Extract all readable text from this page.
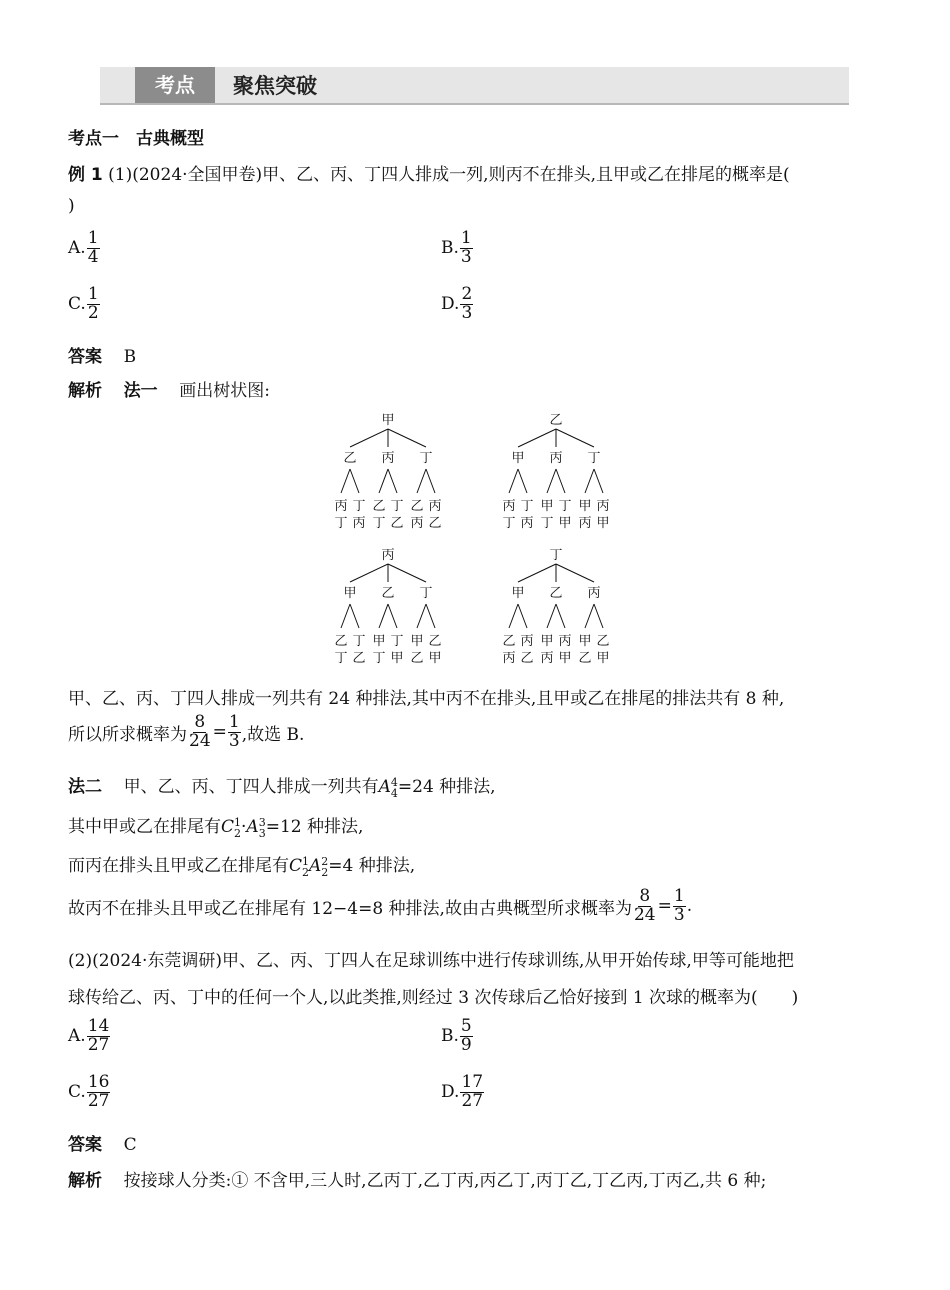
考点	聚焦突破
考点一　古典概型
例 1 (1)(2024·全国甲卷)甲、乙、丙、丁四人排成一列,则丙不在排头,且甲或乙在排尾的概率是(
)
A. $\frac{1}{4}$	B. $\frac{1}{3}$
C. $\frac{1}{2}$	D. $\frac{2}{3}$
答案 B
解析 法一 画出树状图:
甲
乙
丙
丁
丁
丙
丙
乙
丁
丁
乙
丁
乙
丙
丙
乙
乙
甲
丙
丁
丁
丙
丙
甲
丁
丁
甲
丁
甲
丙
丙
甲
丙
甲
乙
丁
丁
乙
乙
甲
丁
丁
甲
丁
甲
乙
乙
甲
丁
甲
乙
丙
丙
乙
乙
甲
丙
丙
甲
丙
甲
乙
乙
甲
甲、乙、丙、丁四人排成一列共有 24 种排法,其中丙不在排头,且甲或乙在排尾的排法共有 8 种,
所以所求概率为 $\frac{8}{24} = \frac{1}{3}$ ,故选 B.
法二 甲、乙、丙、丁四人排成一列共有A 4
4 =24 种排法,
其中甲或乙在排尾有C 1
2 ·A 3
3 =12 种排法,
而丙在排头且甲或乙在排尾有C 1
2 A 2
2 =4 种排法,
故丙不在排头且甲或乙在排尾有 12−4=8 种排法,故由古典概型所求概率为 $\frac{8}{24} = \frac{1}{3}$ .
(2)(2024·东莞调研)甲、乙、丙、丁四人在足球训练中进行传球训练,从甲开始传球,甲等可能地把
球传给乙、丙、丁中的任何一个人,以此类推,则经过 3 次传球后乙恰好接到 1 次球的概率为(　　)
A. $\frac{14}{27}$	B. $\frac{5}{9}$
C. $\frac{16}{27}$	D. $\frac{17}{27}$
答案 C
解析 按接球人分类:① 不含甲,三人时,乙丙丁,乙丁丙,丙乙丁,丙丁乙,丁乙丙,丁丙乙,共 6 种;
